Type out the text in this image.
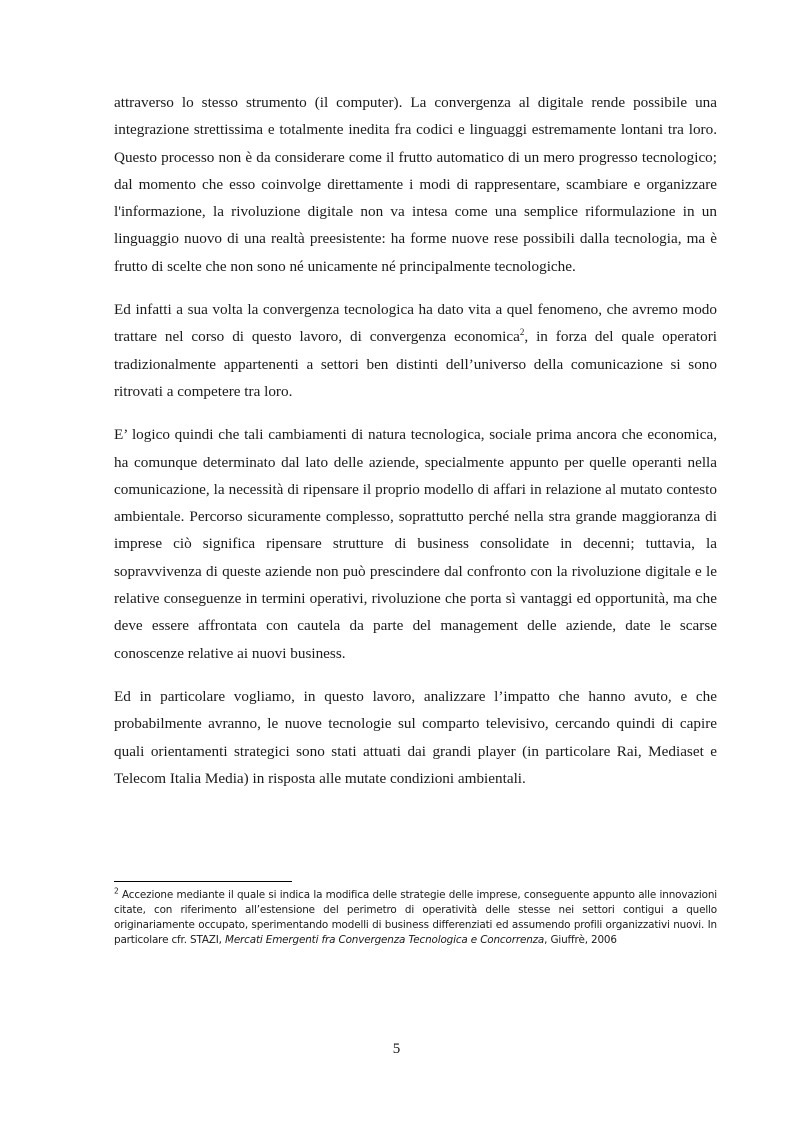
attraverso lo stesso strumento (il computer). La convergenza al digitale rende possibile una integrazione strettissima e totalmente inedita fra codici e linguaggi estremamente lontani tra loro. Questo processo non è da considerare come il frutto automatico di un mero progresso tecnologico; dal momento che esso coinvolge direttamente i modi di rappresentare, scambiare e organizzare l'informazione, la rivoluzione digitale non va intesa come una semplice riformulazione in un linguaggio nuovo di una realtà preesistente: ha forme nuove rese possibili dalla tecnologia, ma è frutto di scelte che non sono né unicamente né principalmente tecnologiche.

Ed infatti a sua volta la convergenza tecnologica ha dato vita a quel fenomeno, che avremo modo trattare nel corso di questo lavoro, di convergenza economica$^2$, in forza del quale operatori tradizionalmente appartenenti a settori ben distinti dell’universo della comunicazione si sono ritrovati a competere tra loro.

E’ logico quindi che tali cambiamenti di natura tecnologica, sociale prima ancora che economica, ha comunque determinato dal lato delle aziende, specialmente appunto per quelle operanti nella comunicazione, la necessità di ripensare il proprio modello di affari in relazione al mutato contesto ambientale. Percorso sicuramente complesso, soprattutto perché nella stra grande maggioranza di imprese ciò significa ripensare strutture di business consolidate in decenni; tuttavia, la sopravvivenza di queste aziende non può prescindere dal confronto con la rivoluzione digitale e le relative conseguenze in termini operativi, rivoluzione che porta sì vantaggi ed opportunità, ma che deve essere affrontata con cautela da parte del management delle aziende, date le scarse conoscenze relative ai nuovi business.

Ed in particolare vogliamo, in questo lavoro, analizzare l’impatto che hanno avuto, e che probabilmente avranno, le nuove tecnologie sul comparto televisivo, cercando quindi di capire quali orientamenti strategici sono stati attuati dai grandi player (in particolare Rai, Mediaset e Telecom Italia Media) in risposta alle mutate condizioni ambientali.

$^2$ Accezione mediante il quale si indica la modifica delle strategie delle imprese, conseguente appunto alle innovazioni citate, con riferimento all’estensione del perimetro di operatività delle stesse nei settori contigui a quello originariamente occupato, sperimentando modelli di business differenziati ed assumendo profili organizzativi nuovi. In particolare cfr. STAZI, Mercati Emergenti fra Convergenza Tecnologica e Concorrenza, Giuffrè, 2006

5
